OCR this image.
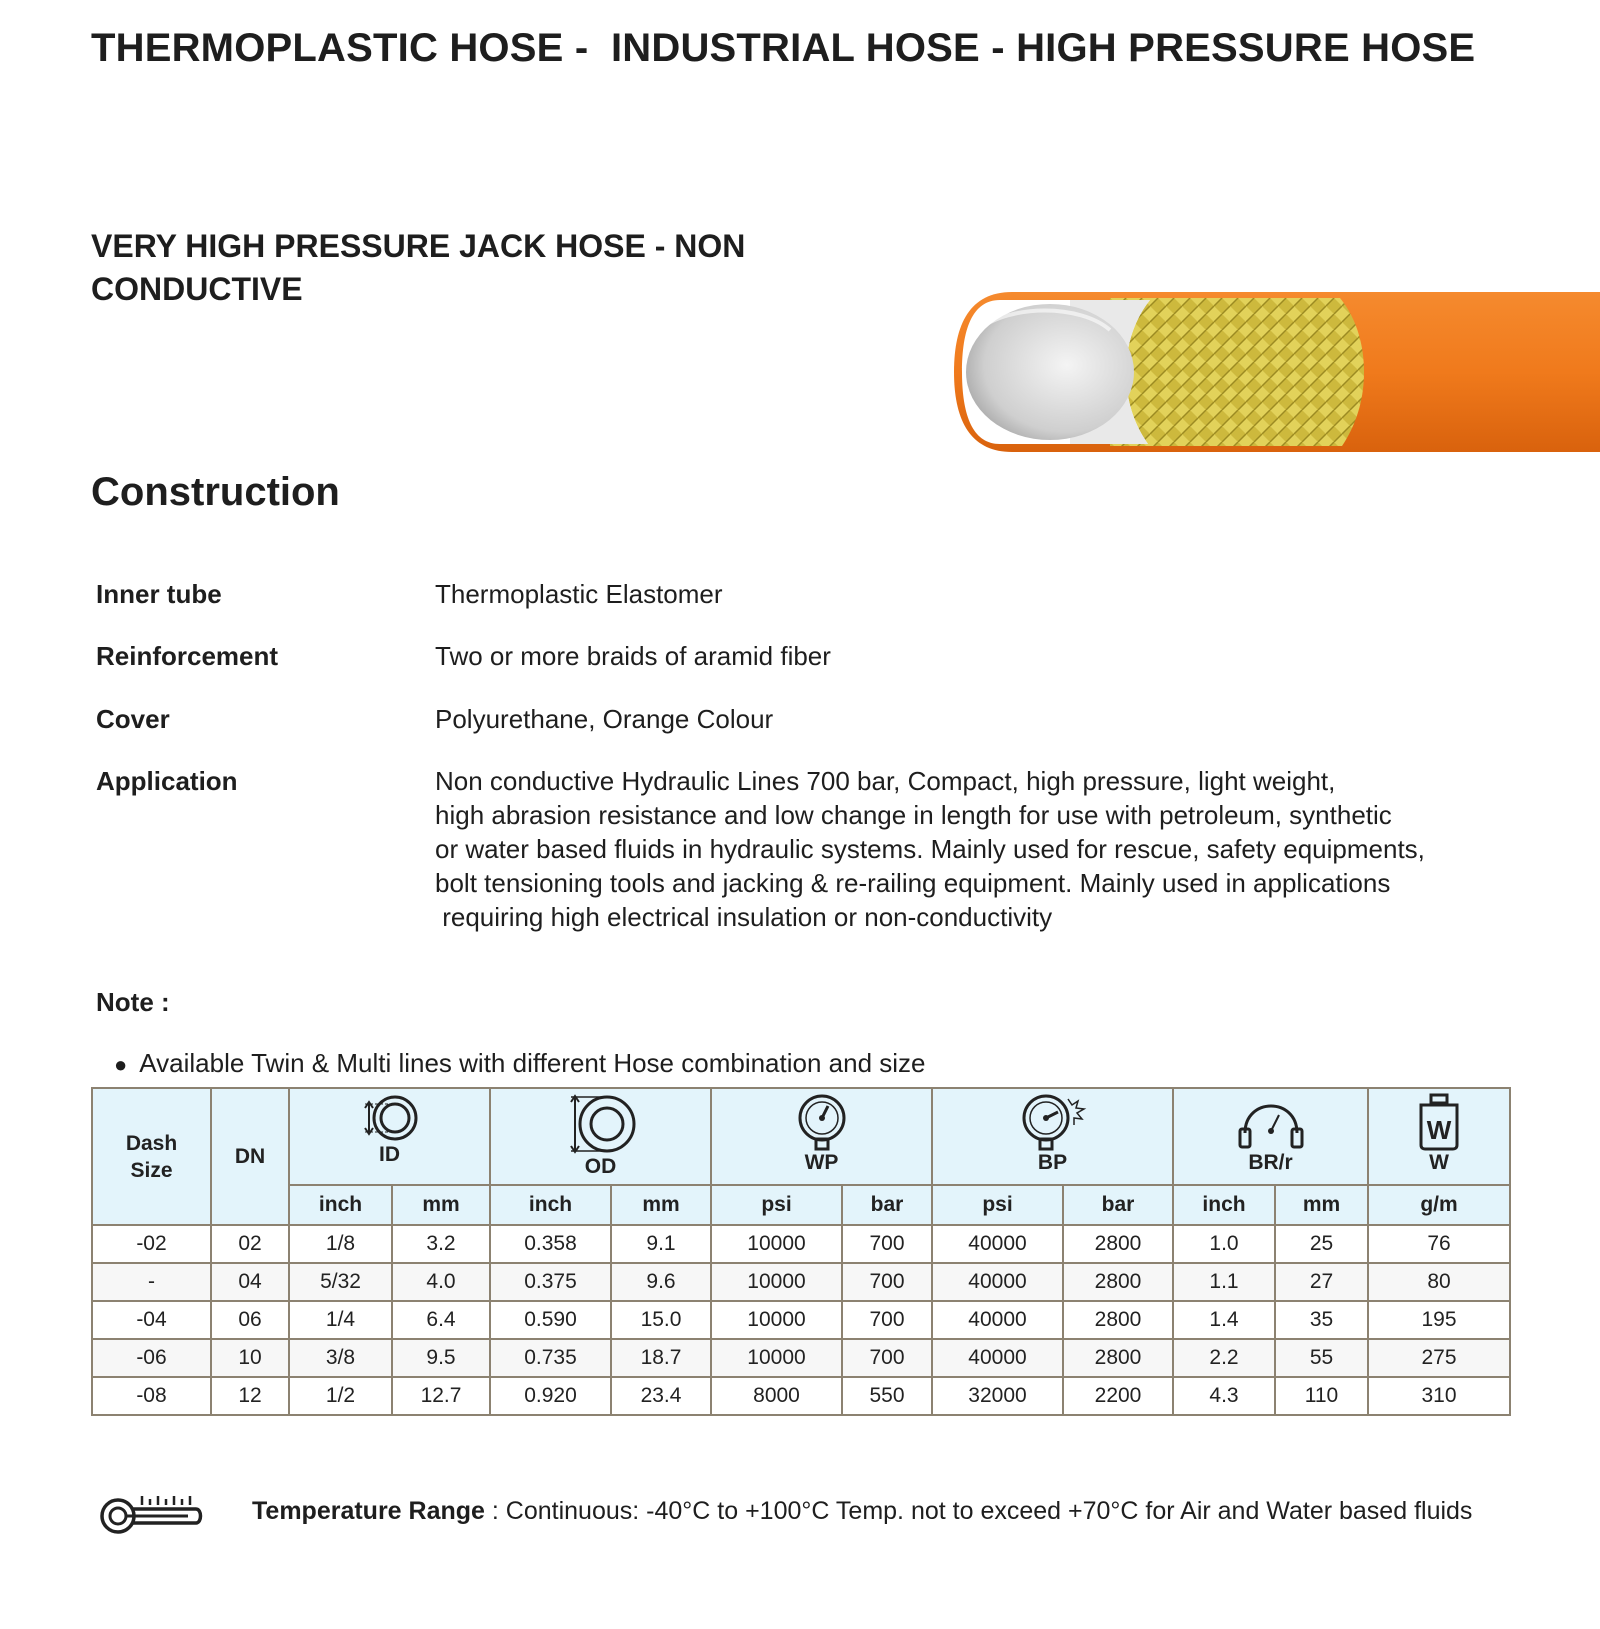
THERMOPLASTIC HOSE -  INDUSTRIAL HOSE - HIGH PRESSURE HOSE
VERY HIGH PRESSURE JACK HOSE - NON CONDUCTIVE
Construction
Inner tube	Thermoplastic Elastomer
Reinforcement	Two or more braids of aramid fiber
Cover	Polyurethane, Orange Colour
Application	Non conductive Hydraulic Lines 700 bar, Compact, high pressure, light weight,
high abrasion resistance and low change in length for use with petroleum, synthetic
or water based fluids in hydraulic systems. Mainly used for rescue, safety equipments,
bolt tensioning tools and jacking & re-railing equipment. Mainly used in applications
requiring high electrical insulation or non-conductivity
Note :
● Available Twin & Multi lines with different Hose combination and size
Dash
Size	DN	ID		OD		WP		BP		BR/r		W
W

		inch	mm	inch	mm	psi	bar	psi	bar	inch	mm	g/m
-02	02	1/8	3.2	0.358	9.1	10000	700	40000	2800	1.0	25	76
-	04	5/32	4.0	0.375	9.6	10000	700	40000	2800	1.1	27	80
-04	06	1/4	6.4	0.590	15.0	10000	700	40000	2800	1.4	35	195
-06	10	3/8	9.5	0.735	18.7	10000	700	40000	2800	2.2	55	275
-08	12	1/2	12.7	0.920	23.4	8000	550	32000	2200	4.3	110	310
Temperature Range : Continuous: -40°C to +100°C Temp. not to exceed +70°C for Air and Water based fluids
